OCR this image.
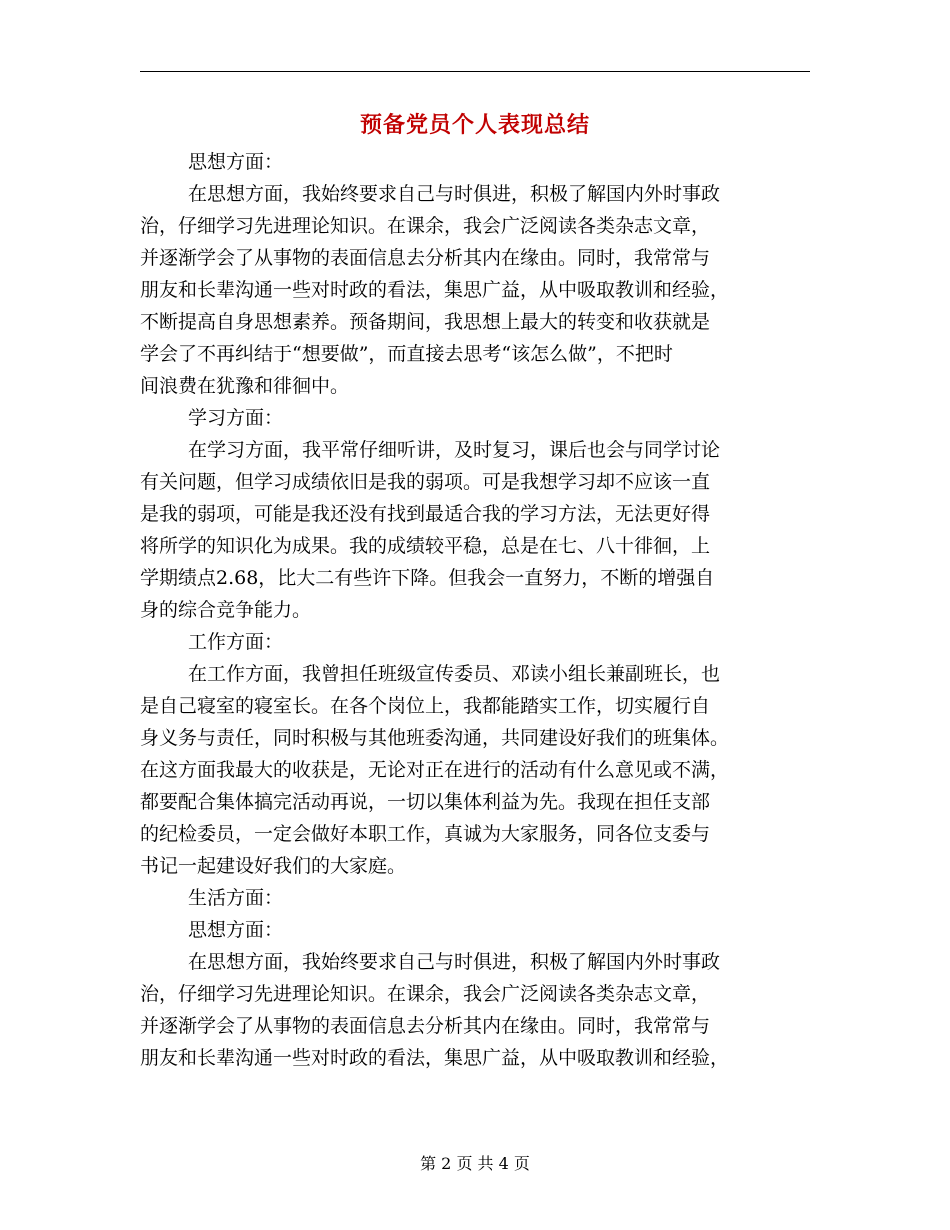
预备党员个人表现总结
思想方面：
在思想方面，我始终要求自己与时俱进，积极了解国内外时事政
治，仔细学习先进理论知识。在课余，我会广泛阅读各类杂志文章，
并逐渐学会了从事物的表面信息去分析其内在缘由。同时，我常常与
朋友和长辈沟通一些对时政的看法，集思广益，从中吸取教训和经验，
不断提高自身思想素养。预备期间，我思想上最大的转变和收获就是
学会了不再纠结于“想要做”，而直接去思考“该怎么做”，不把时
间浪费在犹豫和徘徊中。
学习方面：
在学习方面，我平常仔细听讲，及时复习，课后也会与同学讨论
有关问题，但学习成绩依旧是我的弱项。可是我想学习却不应该一直
是我的弱项，可能是我还没有找到最适合我的学习方法，无法更好得
将所学的知识化为成果。我的成绩较平稳，总是在七、八十徘徊，上
学期绩点2.68，比大二有些许下降。但我会一直努力，不断的增强自
身的综合竞争能力。
工作方面：
在工作方面，我曾担任班级宣传委员、邓读小组长兼副班长，也
是自己寝室的寝室长。在各个岗位上，我都能踏实工作，切实履行自
身义务与责任，同时积极与其他班委沟通，共同建设好我们的班集体。
在这方面我最大的收获是，无论对正在进行的活动有什么意见或不满，
都要配合集体搞完活动再说，一切以集体利益为先。我现在担任支部
的纪检委员，一定会做好本职工作，真诚为大家服务，同各位支委与
书记一起建设好我们的大家庭。
生活方面：
思想方面：
在思想方面，我始终要求自己与时俱进，积极了解国内外时事政
治，仔细学习先进理论知识。在课余，我会广泛阅读各类杂志文章，
并逐渐学会了从事物的表面信息去分析其内在缘由。同时，我常常与
朋友和长辈沟通一些对时政的看法，集思广益，从中吸取教训和经验，
第 2 页 共 4 页
